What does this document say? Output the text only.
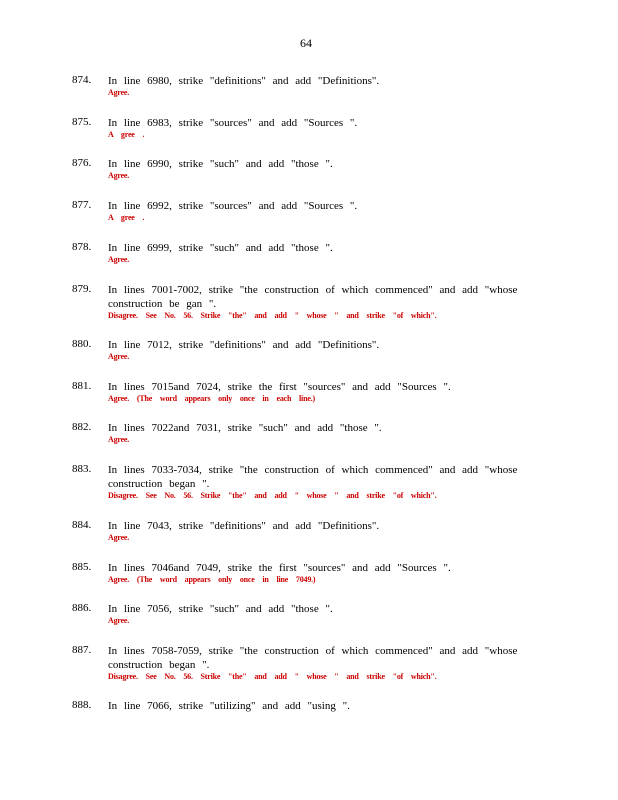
64
874. In line 6980, strike "definitions" and add "Definitions".
Agree.
875. In line 6983, strike "sources" and add "Sources ".
A gree .
876. In line 6990, strike "such" and add "those ".
Agree.
877. In line 6992, strike "sources" and add "Sources ".
A gree .
878. In line 6999, strike "such" and add "those ".
Agree.
879. In lines 7001-7002, strike "the construction of which commenced" and add "whose construction be gan ".
Disagree. See No. 56. Strike "the" and add " whose " and strike "of which".
880. In line 7012, strike "definitions" and add "Definitions".
Agree.
881. In lines 7015and 7024, strike the first "sources" and add "Sources ".
Agree. (The word appears only once in each line.)
882. In lines 7022and 7031, strike "such" and add "those ".
Agree.
883. In lines 7033-7034, strike "the construction of which commenced" and add "whose construction began ".
Disagree. See No. 56. Strike "the" and add " whose " and strike "of which".
884. In line 7043, strike "definitions" and add "Definitions".
Agree.
885. In lines 7046and 7049, strike the first "sources" and add "Sources ".
Agree. (The word appears only once in line 7049.)
886. In line 7056, strike "such" and add "those ".
Agree.
887. In lines 7058-7059, strike "the construction of which commenced" and add "whose construction began ".
Disagree. See No. 56. Strike "the" and add " whose " and strike "of which".
888. In line 7066, strike "utilizing" and add "using ".
